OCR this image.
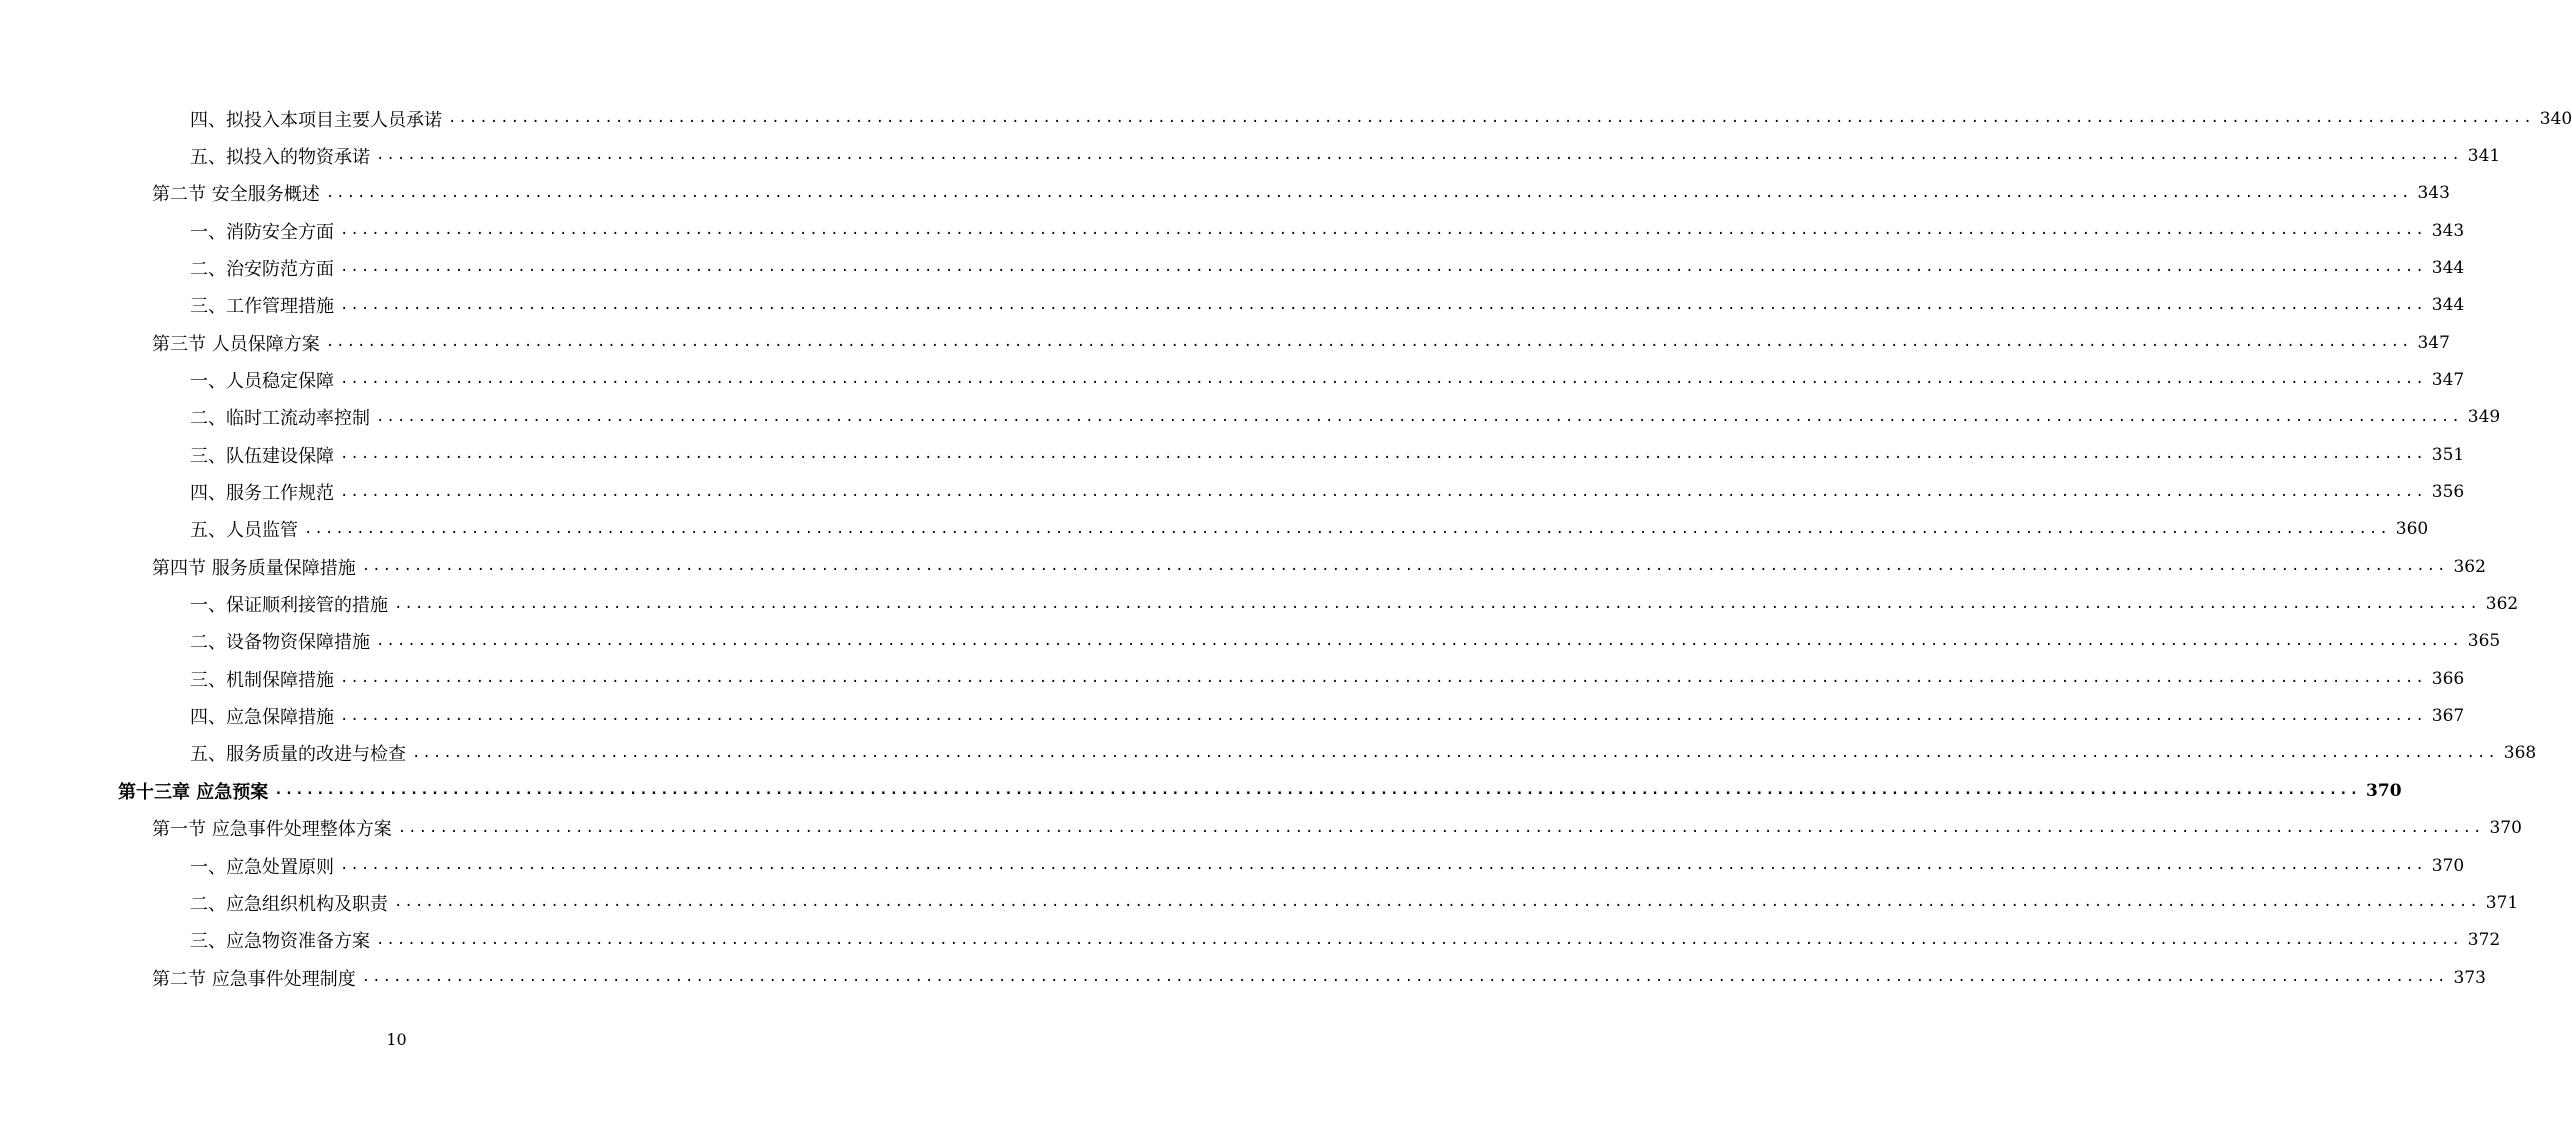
四、拟投入本项目主要人员承诺 ........................................................................................................................................................................................................ 340
五、拟投入的物资承诺 ........................................................................................................................................................................................................ 341
第二节 安全服务概述 ........................................................................................................................................................................................................ 343
一、消防安全方面 ........................................................................................................................................................................................................ 343
二、治安防范方面 ........................................................................................................................................................................................................ 344
三、工作管理措施 ........................................................................................................................................................................................................ 344
第三节 人员保障方案 ........................................................................................................................................................................................................ 347
一、人员稳定保障 ........................................................................................................................................................................................................ 347
二、临时工流动率控制 ........................................................................................................................................................................................................ 349
三、队伍建设保障 ........................................................................................................................................................................................................ 351
四、服务工作规范 ........................................................................................................................................................................................................ 356
五、人员监管 ........................................................................................................................................................................................................ 360
第四节 服务质量保障措施 ........................................................................................................................................................................................................ 362
一、保证顺利接管的措施 ........................................................................................................................................................................................................ 362
二、设备物资保障措施 ........................................................................................................................................................................................................ 365
三、机制保障措施 ........................................................................................................................................................................................................ 366
四、应急保障措施 ........................................................................................................................................................................................................ 367
五、服务质量的改进与检查 ........................................................................................................................................................................................................ 368
第十三章 应急预案 ........................................................................................................................................................................................................ 370
第一节 应急事件处理整体方案 ........................................................................................................................................................................................................ 370
一、应急处置原则 ........................................................................................................................................................................................................ 370
二、应急组织机构及职责 ........................................................................................................................................................................................................ 371
三、应急物资准备方案 ........................................................................................................................................................................................................ 372
第二节 应急事件处理制度 ........................................................................................................................................................................................................ 373
10
